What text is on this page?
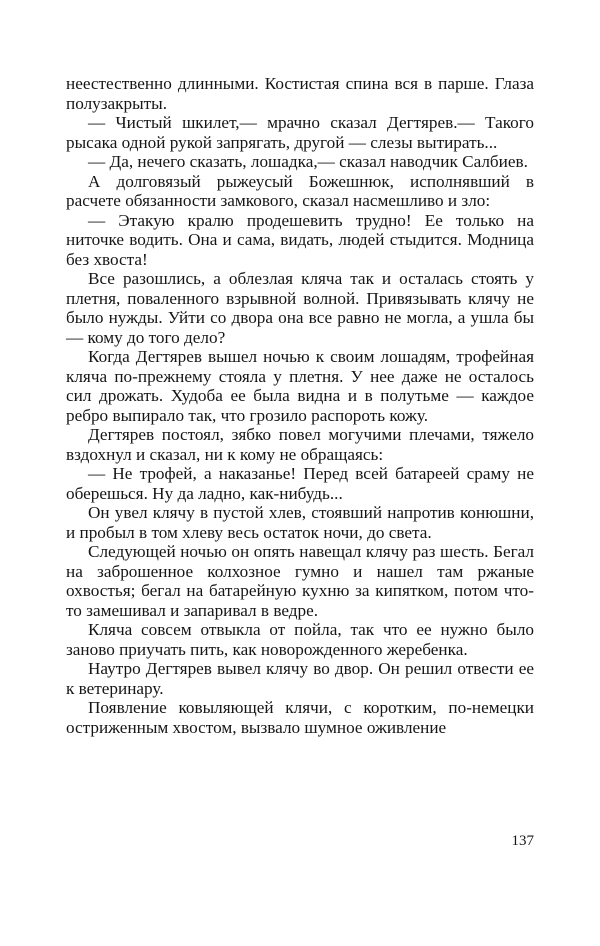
неестественно длинными. Костистая спина вся в парше. Глаза полузакрыты.

— Чистый шкилет,— мрачно сказал Дегтярев.— Такого рысака одной рукой запрягать, другой — слезы вытирать...

— Да, нечего сказать, лошадка,— сказал наводчик Салбиев.

А долговязый рыжеусый Божешнюк, исполнявший в расчете обязанности замкового, сказал насмешливо и зло:

— Этакую кралю продешевить трудно! Ее только на ниточке водить. Она и сама, видать, людей стыдится. Модница без хвоста!

Все разошлись, а облезлая кляча так и осталась стоять у плетня, поваленного взрывной волной. Привязывать клячу не было нужды. Уйти со двора она все равно не могла, а ушла бы — кому до того дело?

Когда Дегтярев вышел ночью к своим лошадям, трофейная кляча по-прежнему стояла у плетня. У нее даже не осталось сил дрожать. Худоба ее была видна и в полутьме — каждое ребро выпирало так, что грозило распороть кожу.

Дегтярев постоял, зябко повел могучими плечами, тяжело вздохнул и сказал, ни к кому не обращаясь:

— Не трофей, а наказанье! Перед всей батареей сраму не оберешься. Ну да ладно, как-нибудь...

Он увел клячу в пустой хлев, стоявший напротив конюшни, и пробыл в том хлеву весь остаток ночи, до света.

Следующей ночью он опять навещал клячу раз шесть. Бегал на заброшенное колхозное гумно и нашел там ржаные охвостья; бегал на батарейную кухню за кипятком, потом что-то замешивал и запаривал в ведре.

Кляча совсем отвыкла от пойла, так что ее нужно было заново приучать пить, как новорожденного жеребенка.

Наутро Дегтярев вывел клячу во двор. Он решил отвести ее к ветеринару.

Появление ковыляющей клячи, с коротким, по-немецки остриженным хвостом, вызвало шумное оживление

137
